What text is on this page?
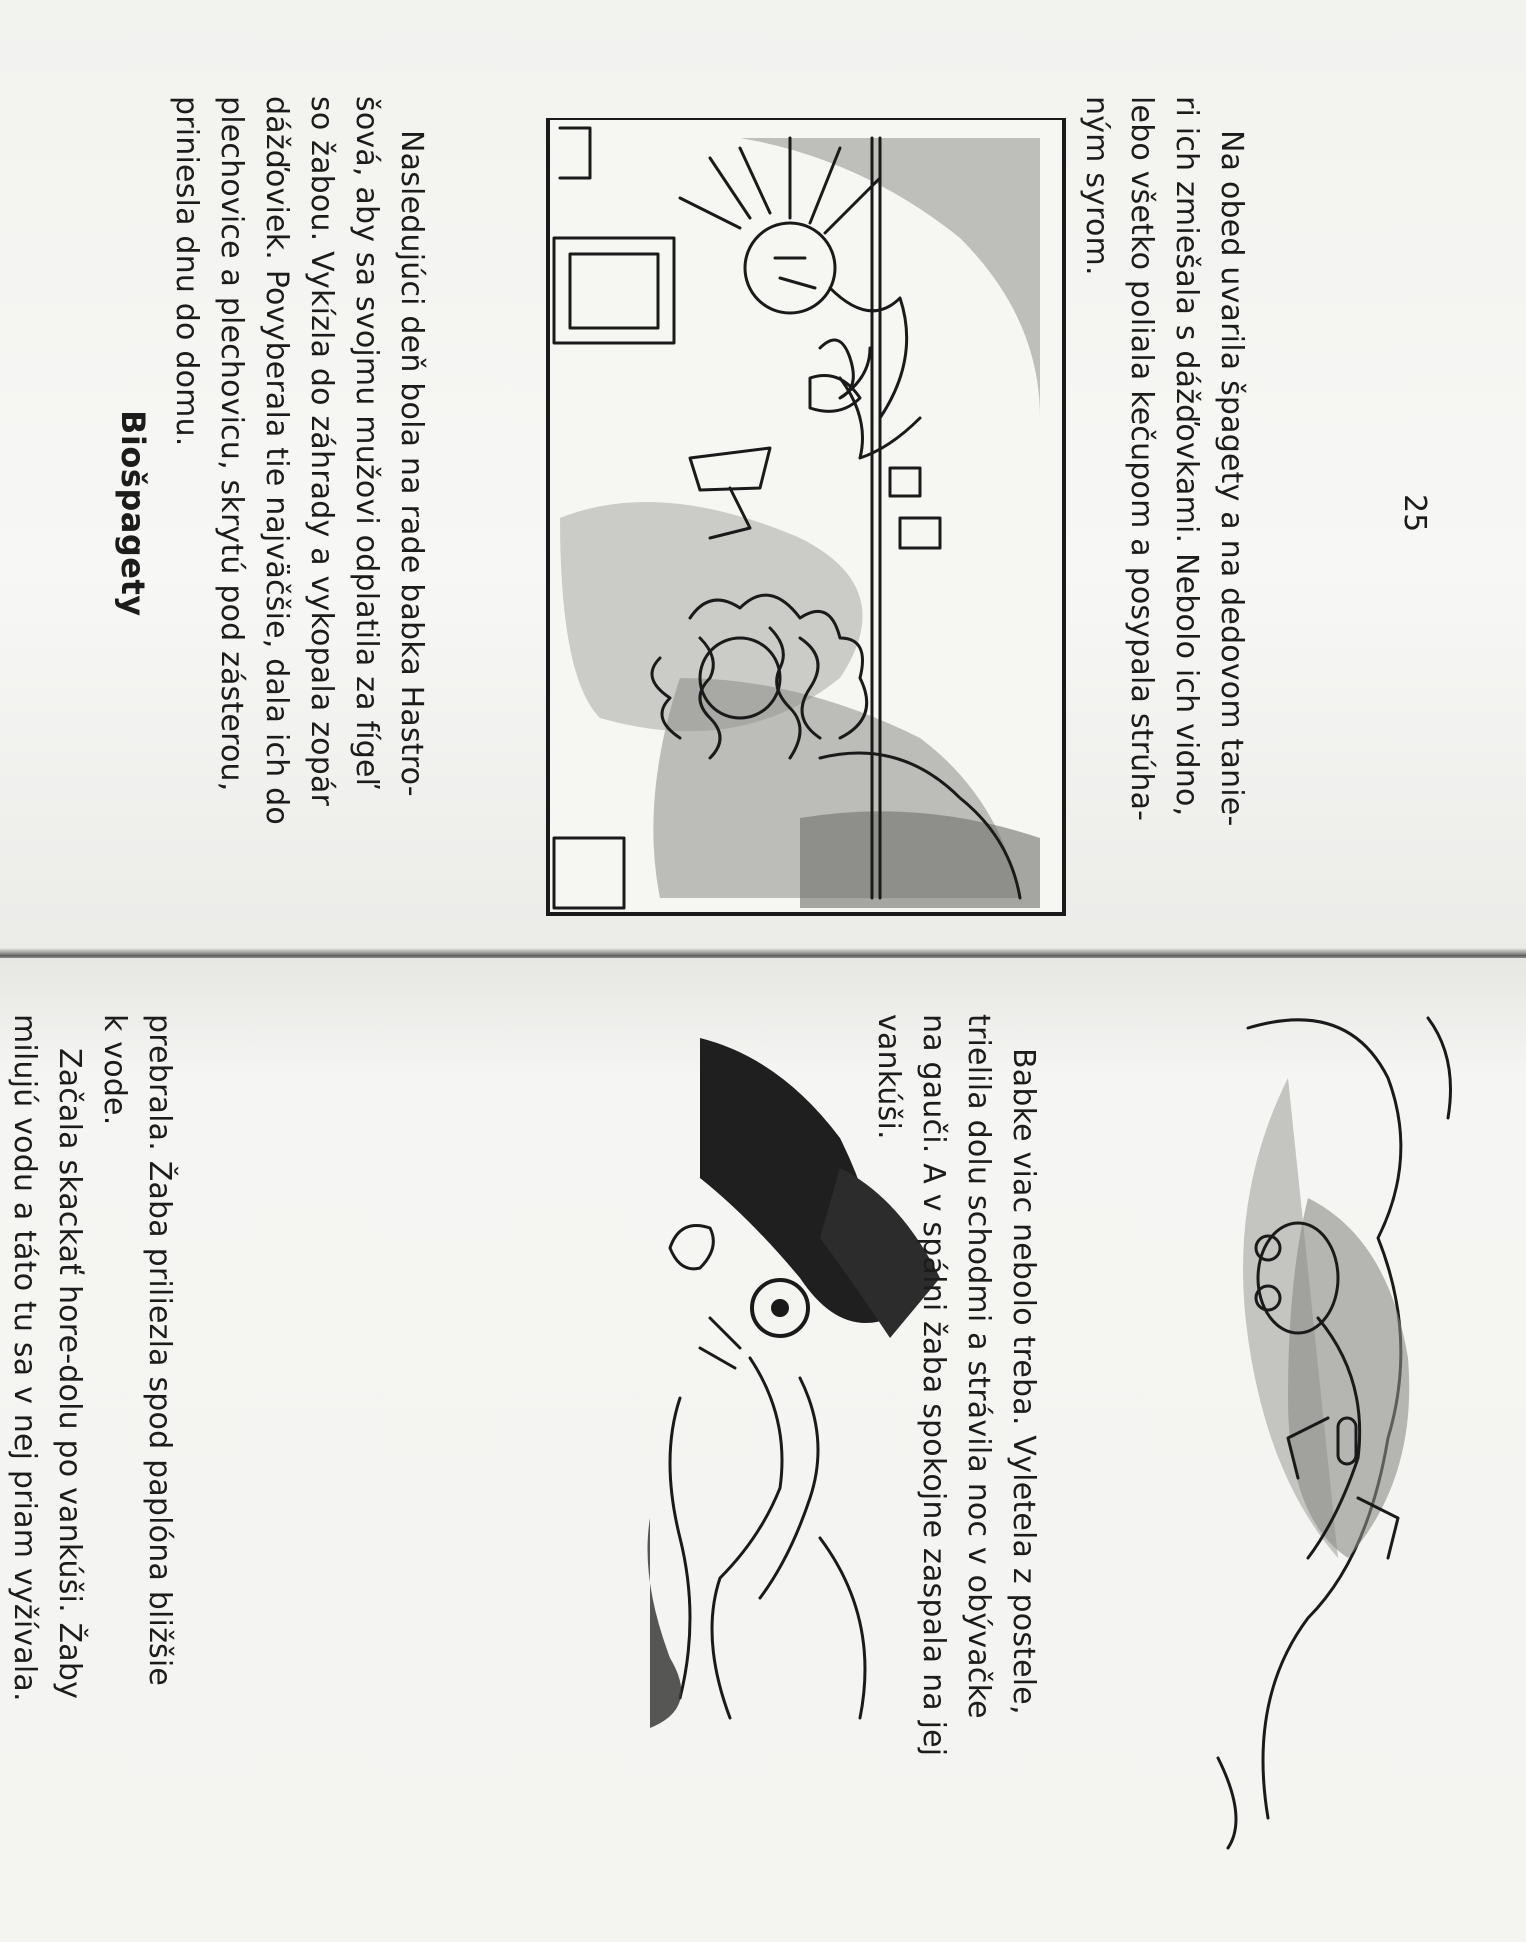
Biošpagety	Nasledujúci deň bola na rade babka Hastro-

šová, aby sa svojmu mužovi odplatila za fígeľ

so žabou. Vykízla do záhrady a vykopala zopár

dážďoviek. Povyberala tie najväčšie, dala ich do

plechovice a plechovicu, skrytú pod zásterou,

priniesla dnu do domu.	Na obed uvarila špagety a na dedovom tanie-

ri ich zmiešala s dážďovkami. Nebolo ich vidno,

lebo všetko poliala kečupom a posypala strúha-

ným syrom.

25

prebrala. Žaba priliezla spod paplóna bližšie

k vode.

Začala skackať hore-dolu po vankúši. Žaby

milujú vodu a táto tu sa v nej priam vyžívala.	Babke viac nebolo treba. Vyletela z postele,

trielila dolu schodmi a strávila noc v obývačke

na gauči. A v spálni žaba spokojne zaspala na jej

vankúši.
